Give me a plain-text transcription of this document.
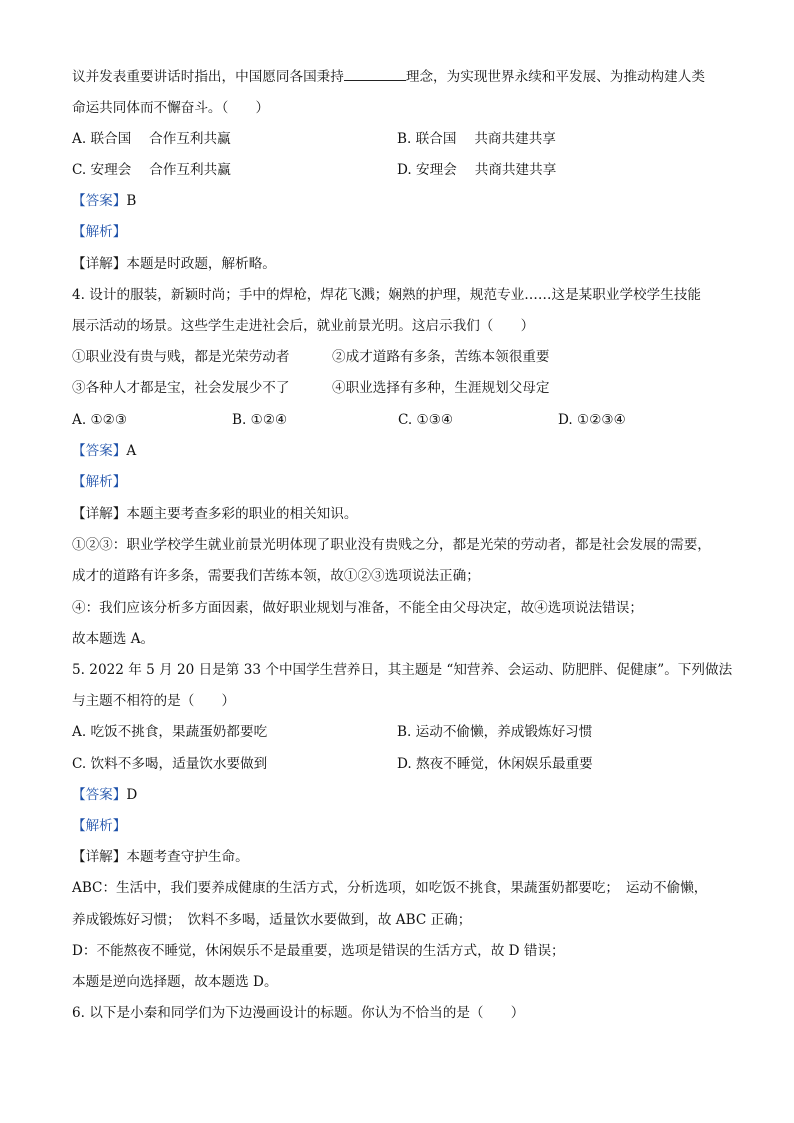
议并发表重要讲话时指出，中国愿同各国秉持	理念，为实现世界永续和平发展、为推动构建人类
命运共同体而不懈奋斗。（　　）
A. 联合国　 合作互利共赢	B. 联合国　 共商共建共享
C. 安理会　 合作互利共赢	D. 安理会　 共商共建共享
【答案】B
【解析】
【详解】本题是时政题，解析略。
4. 设计的服装，新颖时尚；手中的焊枪，焊花飞溅；娴熟的护理，规范专业……这是某职业学校学生技能
展示活动的场景。这些学生走进社会后，就业前景光明。这启示我们（　　）
①职业没有贵与贱，都是光荣劳动者	②成才道路有多条，苦练本领很重要
③各种人才都是宝，社会发展少不了	④职业选择有多种，生涯规划父母定
A. ①②③	B. ①②④	C. ①③④	D. ①②③④
【答案】A
【解析】
【详解】本题主要考查多彩的职业的相关知识。
①②③：职业学校学生就业前景光明体现了职业没有贵贱之分，都是光荣的劳动者，都是社会发展的需要，
成才的道路有许多条，需要我们苦练本领，故①②③选项说法正确；
④：我们应该分析多方面因素，做好职业规划与准备，不能全由父母决定，故④选项说法错误；
故本题选 A。
5. 2022 年 5 月 20 日是第 33 个中国学生营养日，其主题是 “知营养、会运动、防肥胖、促健康”。下列做法
与主题不相符的是（　　）
A. 吃饭不挑食，果蔬蛋奶都要吃	B. 运动不偷懒，养成锻炼好习惯
C. 饮料不多喝，适量饮水要做到	D. 熬夜不睡觉，休闲娱乐最重要
【答案】D
【解析】
【详解】本题考查守护生命。
ABC：生活中，我们要养成健康的生活方式，分析选项，如吃饭不挑食，果蔬蛋奶都要吃；　运动不偷懒，
养成锻炼好习惯；　饮料不多喝，适量饮水要做到，故 ABC 正确；
D：不能熬夜不睡觉，休闲娱乐不是最重要，选项是错误的生活方式，故 D 错误；
本题是逆向选择题，故本题选 D。
6. 以下是小秦和同学们为下边漫画设计的标题。你认为不恰当的是（　　）
